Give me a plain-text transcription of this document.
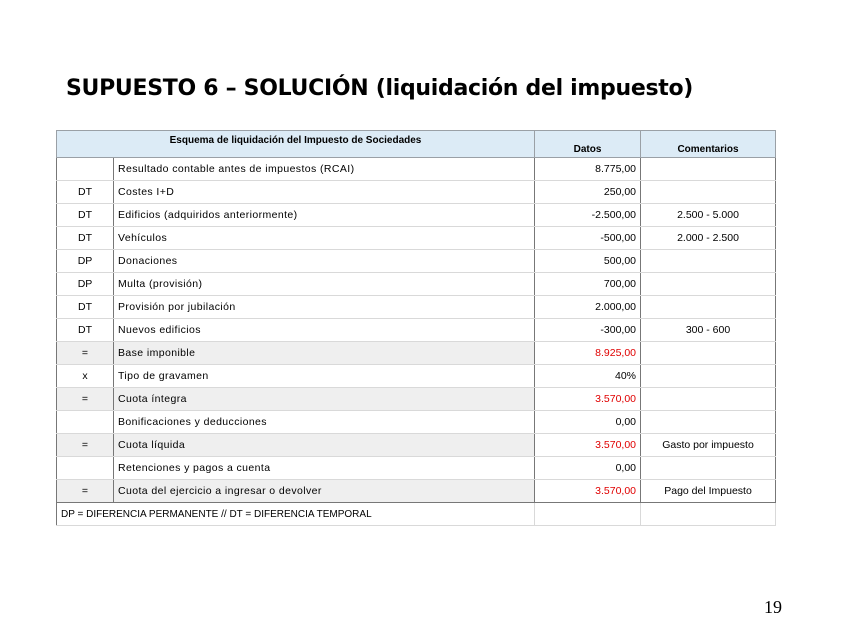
SUPUESTO 6 – SOLUCIÓN (liquidación del impuesto)
Esquema de liquidación del Impuesto de Sociedades		Datos	Comentarios
	Resultado contable antes de impuestos (RCAI)	8.775,00	
DT	Costes I+D	250,00	
DT	Edificios (adquiridos anteriormente)	-2.500,00	2.500 - 5.000
DT	Vehículos	-500,00	2.000 - 2.500
DP	Donaciones	500,00	
DP	Multa (provisión)	700,00	
DT	Provisión por jubilación	2.000,00	
DT	Nuevos edificios	-300,00	300 - 600
=	Base imponible	8.925,00	
x	Tipo de gravamen	40%	
=	Cuota íntegra	3.570,00	
	Bonificaciones y deducciones	0,00	
=	Cuota líquida	3.570,00	Gasto por impuesto
	Retenciones y pagos a cuenta	0,00	
=	Cuota del ejercicio a ingresar o devolver	3.570,00	Pago del Impuesto
DP = DIFERENCIA PERMANENTE // DT = DIFERENCIA TEMPORAL			
19
